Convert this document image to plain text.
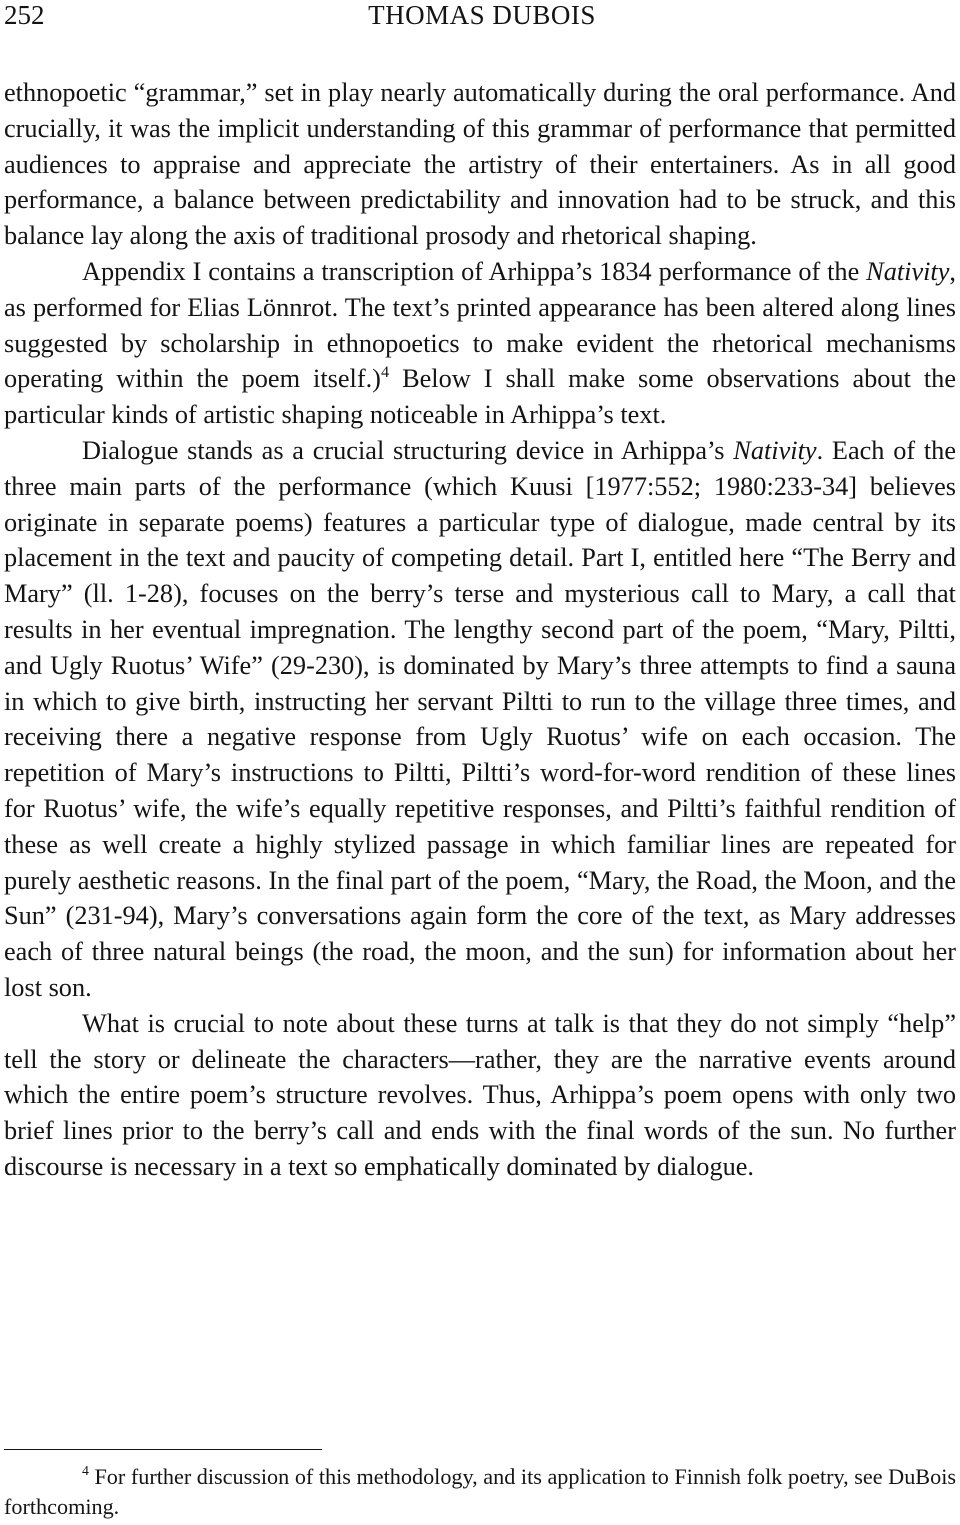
252	THOMAS DUBOIS

ethnopoetic “grammar,” set in play nearly automatically during the oral performance. And crucially, it was the implicit understanding of this grammar of performance that permitted audiences to appraise and appreciate the artistry of their entertainers. As in all good performance, a balance between predictability and innovation had to be struck, and this balance lay along the axis of traditional prosody and rhetorical shaping.

Appendix I contains a transcription of Arhippa’s 1834 performance of the Nativity, as performed for Elias Lönnrot. The text’s printed appearance has been altered along lines suggested by scholarship in ethnopoetics to make evident the rhetorical mechanisms operating within the poem itself.)$^4$ Below I shall make some observations about the particular kinds of artistic shaping noticeable in Arhippa’s text.

Dialogue stands as a crucial structuring device in Arhippa’s Nativity. Each of the three main parts of the performance (which Kuusi [1977:552; 1980:233-34] believes originate in separate poems) features a particular type of dialogue, made central by its placement in the text and paucity of competing detail. Part I, entitled here “The Berry and Mary” (ll. 1-28), focuses on the berry’s terse and mysterious call to Mary, a call that results in her eventual impregnation. The lengthy second part of the poem, “Mary, Piltti, and Ugly Ruotus’ Wife” (29-230), is dominated by Mary’s three attempts to find a sauna in which to give birth, instructing her servant Piltti to run to the village three times, and receiving there a negative response from Ugly Ruotus’ wife on each occasion. The repetition of Mary’s instructions to Piltti, Piltti’s word-for-word rendition of these lines for Ruotus’ wife, the wife’s equally repetitive responses, and Piltti’s faithful rendition of these as well create a highly stylized passage in which familiar lines are repeated for purely aesthetic reasons. In the final part of the poem, “Mary, the Road, the Moon, and the Sun” (231-94), Mary’s conversations again form the core of the text, as Mary addresses each of three natural beings (the road, the moon, and the sun) for information about her lost son.

What is crucial to note about these turns at talk is that they do not simply “help” tell the story or delineate the characters—rather, they are the narrative events around which the entire poem’s structure revolves. Thus, Arhippa’s poem opens with only two brief lines prior to the berry’s call and ends with the final words of the sun. No further discourse is necessary in a text so emphatically dominated by dialogue.

$^4$ For further discussion of this methodology, and its application to Finnish folk poetry, see DuBois forthcoming.
